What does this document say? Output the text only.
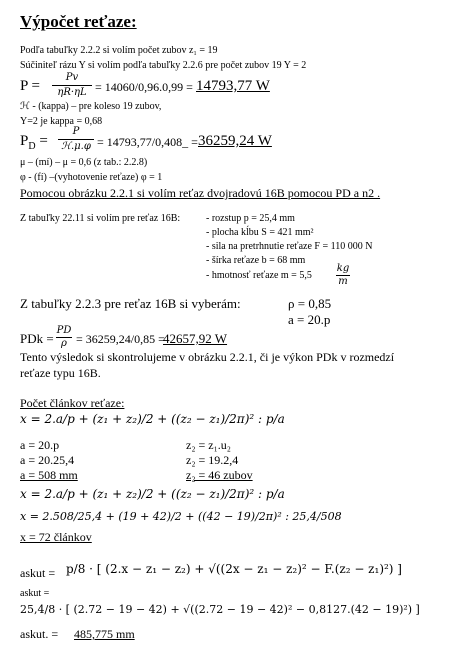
Výpočet reťaze:
Podľa tabuľky 2.2.2 si volím počet zubov z₁ = 19
Súčiniteľ rázu Y si volím podľa tabuľky 2.2.6 pre počet zubov 19 Y = 2
P =
Pv
ηR·ηL = 14060/0,96.0,99 = 14793,77 W
ℋ - (kappa) – pre koleso 19 zubov,
Y=2 je kappa = 0,68
$P_D$ =
P
ℋ.μ.φ = 14793,77/0,408_ = 36259,24 W
μ – (mí) – μ = 0,6 (z tab.: 2.2.8)
φ - (fí) –(vyhotovenie reťaze) φ = 1
Pomocou obrázku 2.2.1 si volím reťaz dvojradovú 16B pomocou PD a n2 .
Z tabuľky 22.11 si volím pre reťaz 16B:	- rozstup p = 25,4 mm
- plocha kĺbu S = 421 mm²
- sila na pretrhnutie reťaze F = 110 000 N
- šírka reťaze b = 68 mm
- hmotnosť reťaze m = 5,5
kg
m
Z tabuľky 2.2.3 pre reťaz 16B si vyberám:	ρ = 0,85
a = 20.p
PDk =
PD
ρ = 36259,24/0,85 =
42657,92 W
Tento výsledok si skontrolujeme v obrázku 2.2.1, či je výkon PDk v rozmedzí
reťaze typu 16B.
Počet článkov reťaze:
x = 2.a/p + (z₁ + z₂)/2 + ((z₂ − z₁)/2π)² : p/a
a = 20.p
a = 20.25,4
a = 508 mm
z₂ = z₁.u₂
z₂ = 19.2,4
z₂ = 46 zubov
x = 2.a/p + (z₁ + z₂)/2 + ((z₂ − z₁)/2π)² : p/a
x = 2.508/25,4 + (19 + 42)/2 + ((42 − 19)/2π)² : 25,4/508
x = 72 článkov
askut = p/8 · [ (2.x − z₁ − z₂) + √((2x − z₁ − z₂)² − F.(z₂ − z₁)²) ]
askut =
25,4/8 · [ (2.72 − 19 − 42) + √((2.72 − 19 − 42)² − 0,8127.(42 − 19)²) ]
askut. = 485,775 mm
